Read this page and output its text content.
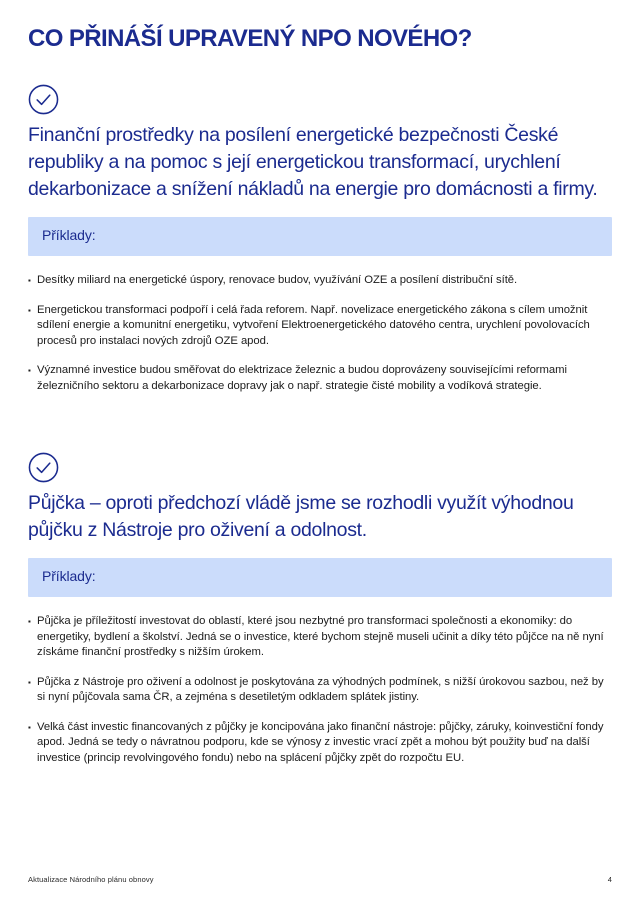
CO PŘINÁŠÍ UPRAVENÝ NPO NOVÉHO?

Finanční prostředky na posílení energetické bezpečnosti České republiky a na pomoc s její energetickou transformací, urychlení dekarbonizace a snížení nákladů na energie pro domácnosti a firmy.

Příklady:

▪ Desítky miliard na energetické úspory, renovace budov, využívání OZE a posílení distribuční sítě.

▪ Energetickou transformaci podpoří i celá řada reforem. Např. novelizace energetického zákona s cílem umožnit sdílení energie a komunitní energetiku, vytvoření Elektroenergetického datového centra, urychlení povolovacích procesů pro instalaci nových zdrojů OZE apod.

▪ Významné investice budou směřovat do elektrizace železnic a budou doprovázeny souvisejícími reformami železničního sektoru a dekarbonizace dopravy jak o např. strategie čisté mobility a vodíková strategie.

Půjčka – oproti předchozí vládě jsme se rozhodli využít výhodnou půjčku z Nástroje pro oživení a odolnost.

Příklady:

▪ Půjčka je příležitostí investovat do oblastí, které jsou nezbytné pro transformaci společnosti a ekonomiky: do energetiky, bydlení a školství. Jedná se o investice, které bychom stejně museli učinit a díky této půjčce na ně nyní získáme finanční prostředky s nižším úrokem.

▪ Půjčka z Nástroje pro oživení a odolnost je poskytována za výhodných podmínek, s nižší úrokovou sazbou, než by si nyní půjčovala sama ČR, a zejména s desetiletým odkladem splátek jistiny.

▪ Velká část investic financovaných z půjčky je koncipována jako finanční nástroje: půjčky, záruky, koinvestiční fondy apod. Jedná se tedy o návratnou podporu, kde se výnosy z investic vrací zpět a mohou být použity buď na další investice (princip revolvingového fondu) nebo na splácení půjčky zpět do rozpočtu EU.

Aktualizace Národního plánu obnovy	4
